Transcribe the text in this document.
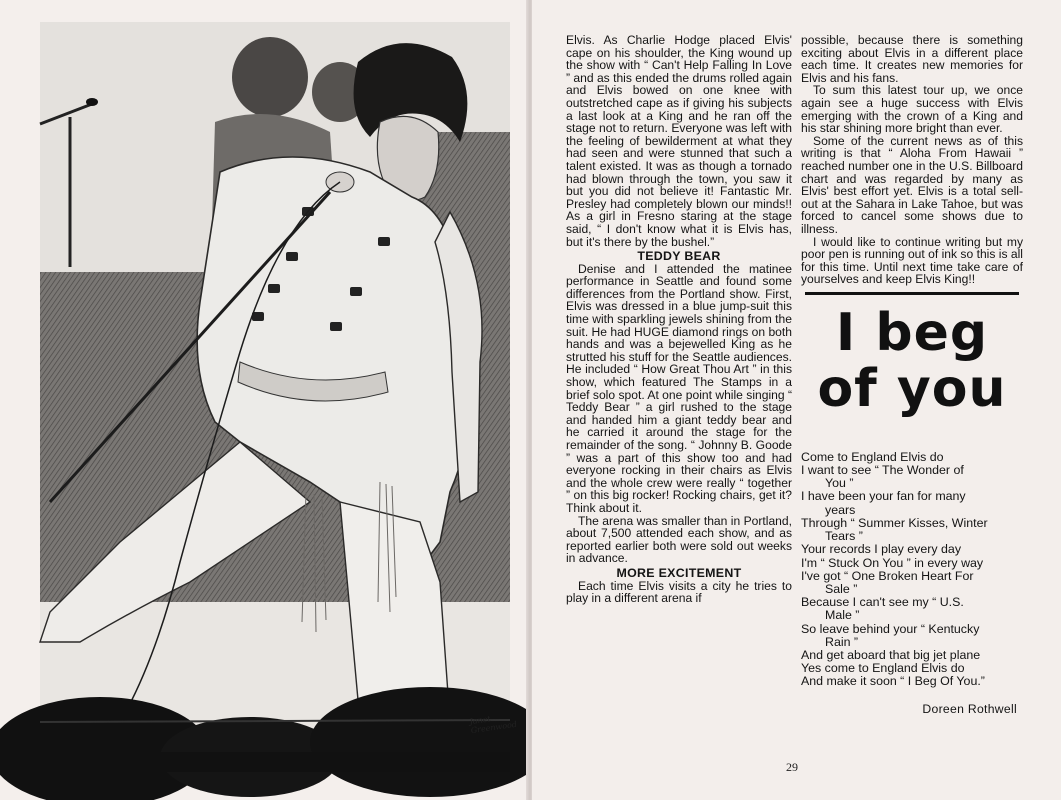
Janet Greenwood

Elvis. As Charlie Hodge placed Elvis' cape on his shoulder, the King wound up the show with “ Can't Help Falling In Love ” and as this ended the drums rolled again and Elvis bowed on one knee with outstretched cape as if giving his subjects a last look at a King and he ran off the stage not to return. Everyone was left with the feeling of bewilderment at what they had seen and were stunned that such a talent existed. It was as though a tornado had blown through the town, you saw it but you did not believe it! Fantastic Mr. Presley had completely blown our minds!! As a girl in Fresno staring at the stage said, “ I don't know what it is Elvis has, but it's there by the bushel.”

TEDDY BEAR

Denise and I attended the matinee performance in Seattle and found some differences from the Portland show. First, Elvis was dressed in a blue jump-suit this time with sparkling jewels shining from the suit. He had HUGE diamond rings on both hands and was a bejewelled King as he strutted his stuff for the Seattle audiences. He included “ How Great Thou Art ” in this show, which featured The Stamps in a brief solo spot. At one point while singing “ Teddy Bear ” a girl rushed to the stage and handed him a giant teddy bear and he carried it around the stage for the remainder of the song. “ Johnny B. Goode ” was a part of this show too and had everyone rocking in their chairs as Elvis and the whole crew were really “ together ” on this big rocker! Rocking chairs, get it? Think about it.

The arena was smaller than in Portland, about 7,500 attended each show, and as reported earlier both were sold out weeks in advance.

MORE EXCITEMENT

Each time Elvis visits a city he tries to play in a different arena if

possible, because there is something exciting about Elvis in a different place each time. It creates new memories for Elvis and his fans.

To sum this latest tour up, we once again see a huge success with Elvis emerging with the crown of a King and his star shining more bright than ever.

Some of the current news as of this writing is that “ Aloha From Hawaii ” reached number one in the U.S. Billboard chart and was regarded by many as Elvis' best effort yet. Elvis is a total sell-out at the Sahara in Lake Tahoe, but was forced to cancel some shows due to illness.

I would like to continue writing but my poor pen is running out of ink so this is all for this time. Until next time take care of yourselves and keep Elvis King!!

I beg
of you
Come to England Elvis do
I want to see “ The Wonder of
You ”
I have been your fan for many
years
Through “ Summer Kisses, Winter
Tears ”
Your records I play every day
I'm “ Stuck On You ” in every way
I've got “ One Broken Heart For
Sale ”
Because I can't see my “ U.S.
Male ”
So leave behind your “ Kentucky
Rain ”
And get aboard that big jet plane
Yes come to England Elvis do
And make it soon “ I Beg Of You.”
Doreen Rothwell
29
